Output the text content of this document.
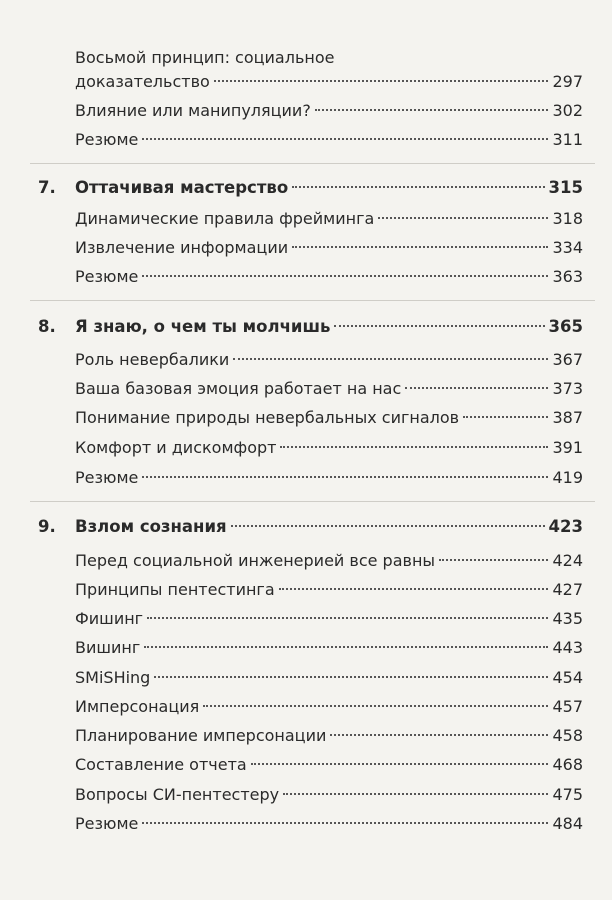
Восьмой принцип: социальное
доказательство	297
Влияние или манипуляции?	302
Резюме	311
7. Оттачивая мастерство	315
Динамические правила фрейминга	318
Извлечение информации	334
Резюме	363
8. Я знаю, о чем ты молчишь	365
Роль невербалики	367
Ваша базовая эмоция работает на нас	373
Понимание природы невербальных сигналов	387
Комфорт и дискомфорт	391
Резюме	419
9. Взлом сознания	423
Перед социальной инженерией все равны	424
Принципы пентестинга	427
Фишинг	435
Вишинг	443
SMiSHing	454
Имперсонация	457
Планирование имперсонации	458
Составление отчета	468
Вопросы СИ-пентестеру	475
Резюме	484
